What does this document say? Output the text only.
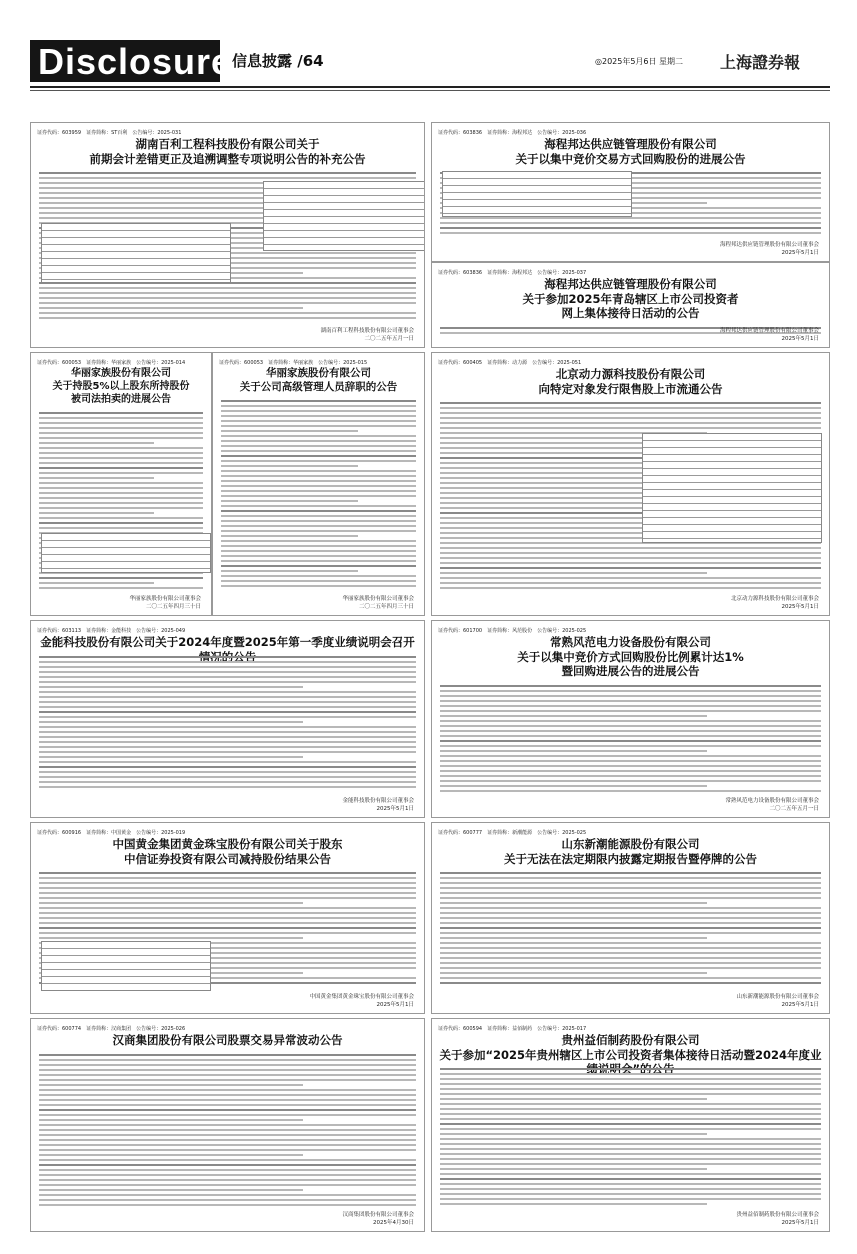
Disclosure 信息披露 /64	◎2025年5月6日 星期二 上海證券報
证券代码：603959　证券简称：ST百利　公告编号：2025-031
湖南百利工程科技股份有限公司关于
前期会计差错更正及追溯调整专项说明公告的补充公告
湖南百利工程科技股份有限公司董事会
二〇二五年五月一日
证券代码：603836　证券简称：海程邦达　公告编号：2025-036
海程邦达供应链管理股份有限公司
关于以集中竞价交易方式回购股份的进展公告
海程邦达供应链管理股份有限公司董事会
2025年5月1日
证券代码：603836　证券简称：海程邦达　公告编号：2025-037
海程邦达供应链管理股份有限公司
关于参加2025年青岛辖区上市公司投资者
网上集体接待日活动的公告
海程邦达供应链管理股份有限公司董事会
2025年5月1日
证券代码：600053　证券简称：华丽家族　公告编号：2025-014
华丽家族股份有限公司
关于持股5%以上股东所持股份
被司法拍卖的进展公告
华丽家族股份有限公司董事会
二〇二五年四月三十日
证券代码：600053　证券简称：华丽家族　公告编号：2025-015
华丽家族股份有限公司
关于公司高级管理人员辞职的公告
华丽家族股份有限公司董事会
二〇二五年四月三十日
证券代码：600405　证券简称：动力源　公告编号：2025-051
北京动力源科技股份有限公司
向特定对象发行限售股上市流通公告
北京动力源科技股份有限公司董事会
2025年5月1日
证券代码：603113　证券简称：金能科技　公告编号：2025-049
金能科技股份有限公司关于2024年度暨2025年第一季度业绩说明会召开
金能科技股份有限公司董事会
2025年5月1日
证券代码：601700　证券简称：风范股份　公告编号：2025-025
常熟风范电力设备股份有限公司
关于以集中竞价方式回购股份比例累计达1%
暨回购进展公告的进展公告
常熟风范电力设备股份有限公司董事会
二〇二五年五月一日
证券代码：600916　证券简称：中国黄金　公告编号：2025-019
中国黄金集团黄金珠宝股份有限公司关于股东
中信证券投资有限公司减持股份结果公告
中国黄金集团黄金珠宝股份有限公司董事会
2025年5月1日
证券代码：600777　证券简称：新潮能源　公告编号：2025-025
山东新潮能源股份有限公司
关于无法在法定期限内披露定期报告暨停牌的公告
山东新潮能源股份有限公司董事会
2025年5月1日
证券代码：600774　证券简称：汉商集团　公告编号：2025-026
汉商集团股份有限公司股票交易异常波动公告
汉商集团股份有限公司董事会
2025年4月30日
证券代码：600594　证券简称：益佰制药　公告编号：2025-017
贵州益佰制药股份有限公司
关于参加“2025年贵州辖区上市公司投资者集体接待日活动暨2024年度业
贵州益佰制药股份有限公司董事会
2025年5月1日
